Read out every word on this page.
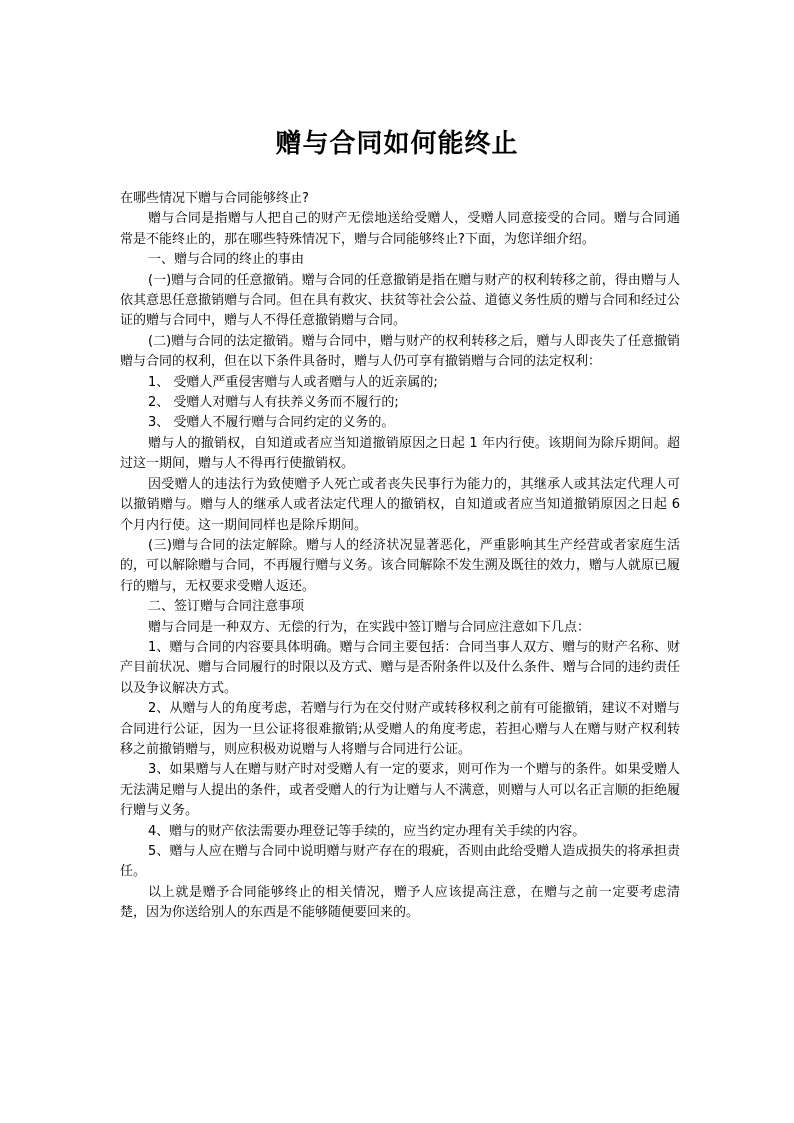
赠与合同如何能终止

在哪些情况下赠与合同能够终止?

赠与合同是指赠与人把自己的财产无偿地送给受赠人，受赠人同意接受的合同。赠与合同通常是不能终止的，那在哪些特殊情况下，赠与合同能够终止?下面，为您详细介绍。

一、赠与合同的终止的事由

(一)赠与合同的任意撤销。赠与合同的任意撤销是指在赠与财产的权利转移之前，得由赠与人依其意思任意撤销赠与合同。但在具有救灾、扶贫等社会公益、道德义务性质的赠与合同和经过公证的赠与合同中，赠与人不得任意撤销赠与合同。

(二)赠与合同的法定撤销。赠与合同中，赠与财产的权利转移之后，赠与人即丧失了任意撤销赠与合同的权利，但在以下条件具备时，赠与人仍可享有撤销赠与合同的法定权利：

1、 受赠人严重侵害赠与人或者赠与人的近亲属的;

2、 受赠人对赠与人有扶养义务而不履行的;

3、 受赠人不履行赠与合同约定的义务的。

赠与人的撤销权，自知道或者应当知道撤销原因之日起 1 年内行使。该期间为除斥期间。超过这一期间，赠与人不得再行使撤销权。

因受赠人的违法行为致使赠予人死亡或者丧失民事行为能力的，其继承人或其法定代理人可以撤销赠与。赠与人的继承人或者法定代理人的撤销权，自知道或者应当知道撤销原因之日起 6 个月内行使。这一期间同样也是除斥期间。

(三)赠与合同的法定解除。赠与人的经济状况显著恶化，严重影响其生产经营或者家庭生活的，可以解除赠与合同，不再履行赠与义务。该合同解除不发生溯及既往的效力，赠与人就原已履行的赠与，无权要求受赠人返还。

二、签订赠与合同注意事项

赠与合同是一种双方、无偿的行为，在实践中签订赠与合同应注意如下几点：

1、赠与合同的内容要具体明确。赠与合同主要包括：合同当事人双方、赠与的财产名称、财产目前状况、赠与合同履行的时限以及方式、赠与是否附条件以及什么条件、赠与合同的违约责任以及争议解决方式。

2、从赠与人的角度考虑，若赠与行为在交付财产或转移权利之前有可能撤销，建议不对赠与合同进行公证，因为一旦公证将很难撤销;从受赠人的角度考虑，若担心赠与人在赠与财产权利转移之前撤销赠与，则应积极劝说赠与人将赠与合同进行公证。

3、如果赠与人在赠与财产时对受赠人有一定的要求，则可作为一个赠与的条件。如果受赠人无法满足赠与人提出的条件，或者受赠人的行为让赠与人不满意，则赠与人可以名正言顺的拒绝履行赠与义务。

4、赠与的财产依法需要办理登记等手续的，应当约定办理有关手续的内容。

5、赠与人应在赠与合同中说明赠与财产存在的瑕疵，否则由此给受赠人造成损失的将承担责任。

以上就是赠予合同能够终止的相关情况，赠予人应该提高注意，在赠与之前一定要考虑清楚，因为你送给别人的东西是不能够随便要回来的。
